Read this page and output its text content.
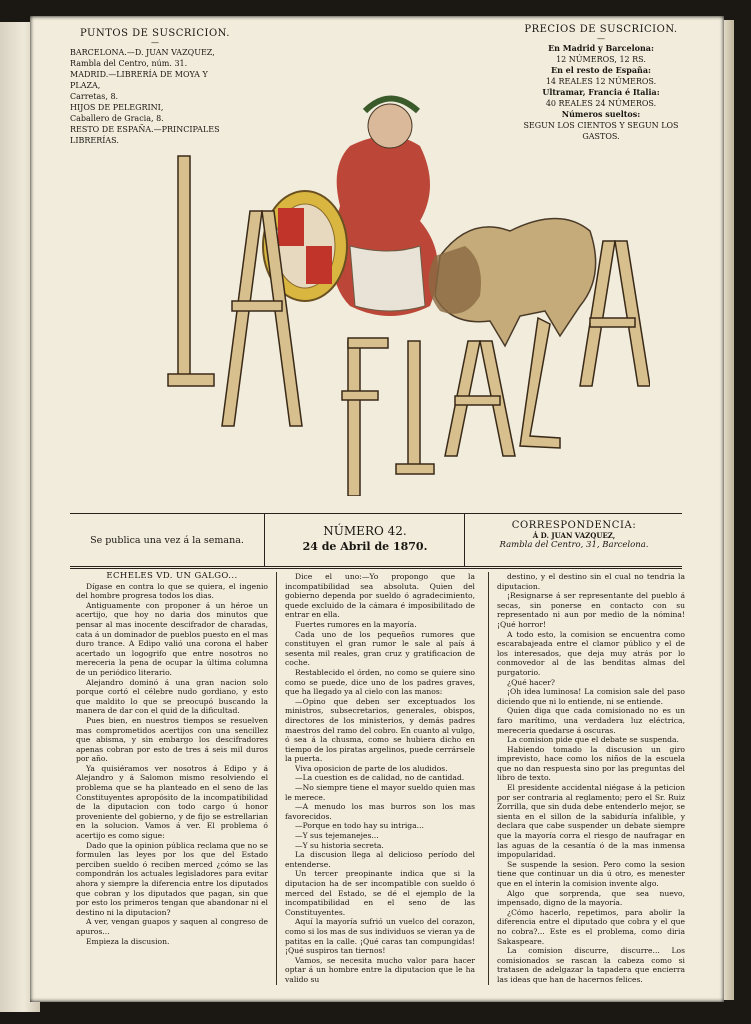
PUNTOS DE SUSCRICION.
—
BARCELONA.—D. JUAN VAZQUEZ,
Rambla del Centro, núm. 31.
MADRID.—LIBRERÍA DE MOYA Y PLAZA,
Carretas, 8.
HIJOS DE PELEGRINI,
Caballero de Gracia, 8.
RESTO DE ESPAÑA.—PRINCIPALES
LIBRERÍAS.
PRECIOS DE SUSCRICION.
—
En Madrid y Barcelona:
12 NÚMEROS, 12 RS.
En el resto de España:
14 REALES 12 NÚMEROS.
Ultramar, Francia é Italia:
40 REALES 24 NÚMEROS.
Números sueltos:
SEGUN LOS CIENTOS Y SEGUN LOS GASTOS.
LA FLACA
Se publica una vez á la semana.
NÚMERO 42.
24 de Abril de 1870.
CORRESPONDENCIA:
Á D. JUAN VAZQUEZ,
Rambla del Centro, 31, Barcelona.

ECHELES VD. UN GALGO...

Dígase en contra lo que se quiera, el ingenio del hombre progresa todos los dias.

Antiguamente con proponer á un héroe un acertijo, que hoy no daria dos minutos que pensar al mas inocente descifrador de charadas, cata á un dominador de pueblos puesto en el mas duro trance. A Edipo valió una corona el haber acertado un logogrifo que entre nosotros no mereceria la pena de ocupar la última columna de un periódico literario.

Alejandro dominó á una gran nacion solo porque cortó el célebre nudo gordiano, y esto que maldito lo que se preocupó buscando la manera de dar con el quid de la dificultad.

Pues bien, en nuestros tiempos se resuelven mas comprometidos acertijos con una sencillez que abisma, y sin embargo los descifradores apenas cobran por esto de tres á seis mil duros por año.

Ya quisiéramos ver nosotros á Edipo y á Alejandro y á Salomon mismo resolviendo el problema que se ha planteado en el seno de las Constituyentes apropósito de la incompatibilidad de la diputacion con todo cargo ú honor proveniente del gobierno, y de fijo se estrellarian en la solucion. Vamos á ver. El problema ó acertijo es como sigue:

Dado que la opinion pública reclama que no se formulen las leyes por los que del Estado perciben sueldo ó reciben merced ¿cómo se las compondrán los actuales legisladores para evitar ahora y siempre la diferencia entre los diputados que cobran y los diputados que pagan, sin que por esto los primeros tengan que abandonar ni el destino ni la diputacion?

A ver, vengan guapos y saquen al congreso de apuros...

Empieza la discusion.

Dice el uno:—Yo propongo que la incompatibilidad sea absoluta. Quien del gobierno dependa por sueldo ó agradecimiento, quede excluido de la cámara é imposibilitado de entrar en ella.

Fuertes rumores en la mayoría.

Cada uno de los pequeños rumores que constituyen el gran rumor le sale al país á sesenta mil reales, gran cruz y gratificacion de coche.

Restablecido el órden, no como se quiere sino como se puede, dice uno de los padres graves, que ha llegado ya al cielo con las manos:

—Opino que deben ser exceptuados los ministros, subsecretarios, generales, obispos, directores de los ministerios, y demás padres maestros del ramo del cobro. En cuanto al vulgo, ó sea á la chusma, como se hubiera dicho en tiempo de los piratas argelinos, puede cerrársele la puerta.

Viva oposicion de parte de los aludidos.

—La cuestion es de calidad, no de cantidad.

—No siempre tiene el mayor sueldo quien mas le merece.

—A menudo los mas burros son los mas favorecidos.

—Porque en todo hay su intriga...

—Y sus tejemanejes...

—Y su historia secreta.

La discusion llega al delicioso período del entenderse.

Un tercer preopinante indica que si la diputacion ha de ser incompatible con sueldo ó merced del Estado, se dé el ejemplo de la incompatibilidad en el seno de las Constituyentes.

Aquí la mayoría sufrió un vuelco del corazon, como si los mas de sus individuos se vieran ya de patitas en la calle. ¡Qué caras tan compungidas! ¡Qué suspiros tan tiernos!

Vamos, se necesita mucho valor para hacer optar á un hombre entre la diputacion que le ha valido su

destino, y el destino sin el cual no tendria la diputacion.

¡Resignarse á ser representante del pueblo á secas, sin ponerse en contacto con su representado ni aun por medio de la nómina! ¡Qué horror!

A todo esto, la comision se encuentra como escarabajeada entre el clamor público y el de los interesados, que deja muy atrás por lo conmovedor al de las benditas almas del purgatorio.

¿Qué hacer?

¡Oh idea luminosa! La comision sale del paso diciendo que ni lo entiende, ni se entiende.

Quien diga que cada comisionado no es un faro marítimo, una verdadera luz eléctrica, mereceria quedarse á oscuras.

La comision pide que el debate se suspenda.

Habiendo tomado la discusion un giro imprevisto, hace como los niños de la escuela que no dan respuesta sino por las preguntas del libro de texto.

El presidente accidental niégase á la peticion por ser contraria al reglamento; pero el Sr. Ruiz Zorrilla, que sin duda debe entenderlo mejor, se sienta en el sillon de la sabiduría infalible, y declara que cabe suspender un debate siempre que la mayoría corra el riesgo de naufragar en las aguas de la cesantía ó de la mas inmensa impopularidad.

Se suspende la sesion. Pero como la sesion tiene que continuar un dia ú otro, es menester que en el ínterin la comision invente algo.

Algo que sorprenda, que sea nuevo, impensado, digno de la mayoría.

¿Cómo hacerlo, repetimos, para abolir la diferencia entre el diputado que cobra y el que no cobra?... Este es el problema, como diria Sakaspeare.

La comision discurre, discurre... Los comisionados se rascan la cabeza como si tratasen de adelgazar la tapadera que encierra las ideas que han de hacernos felices.
